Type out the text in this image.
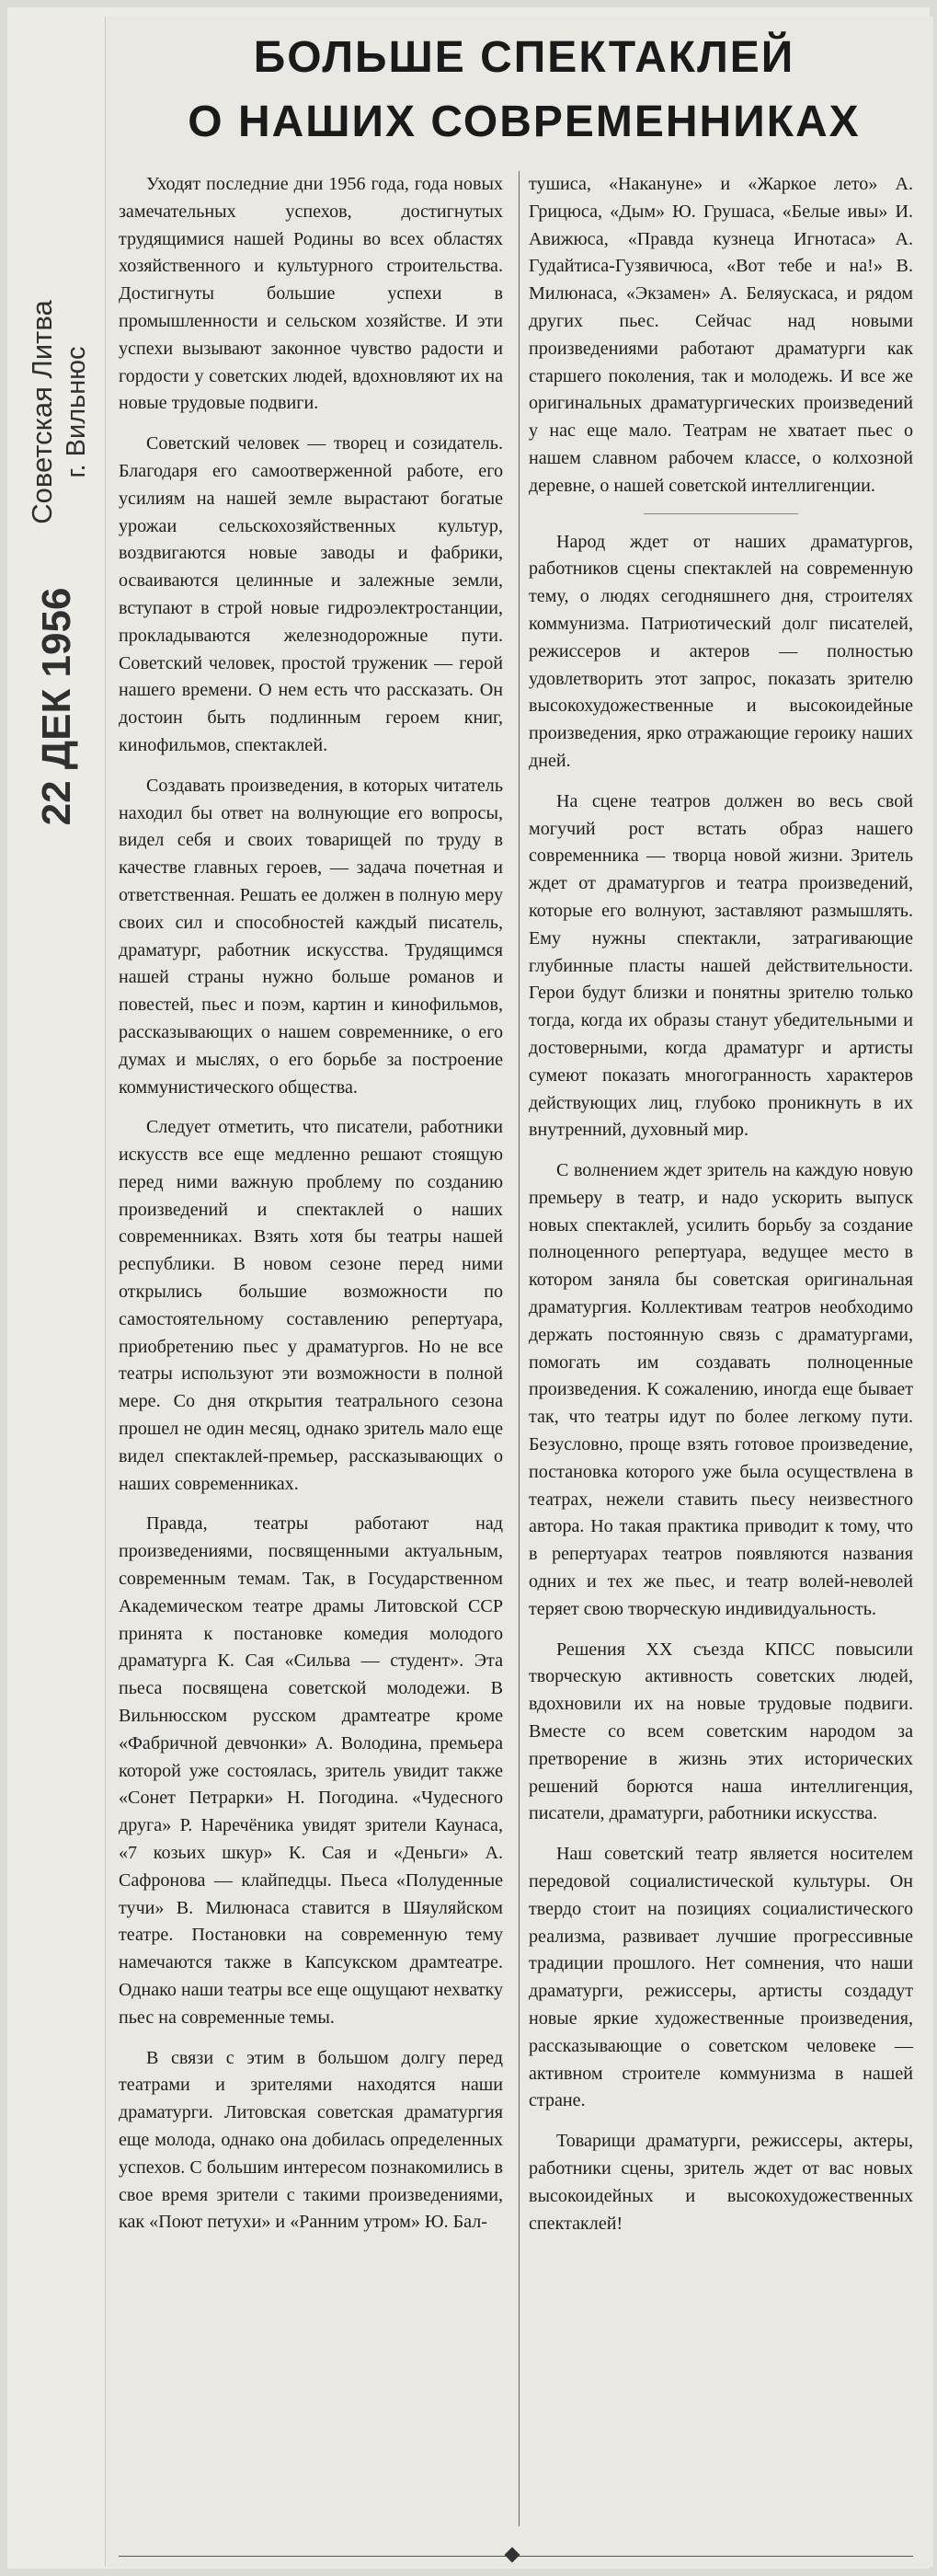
Советская Литва г. Вильнюс
22 ДЕК 1956
БОЛЬШЕ СПЕКТАКЛЕЙ
О НАШИХ СОВРЕМЕННИКАХ

Уходят последние дни 1956 года, года новых замечательных успехов, достигнутых трудящимися нашей Родины во всех областях хозяйственного и культурного строительства. Достигнуты большие успехи в промышленности и сельском хозяйстве. И эти успехи вызывают законное чувство радости и гордости у советских людей, вдохновляют их на новые трудовые подвиги.

Советский человек — творец и созидатель. Благодаря его самоотверженной работе, его усилиям на нашей земле вырастают богатые урожаи сельскохозяйственных культур, воздвигаются новые заводы и фабрики, осваиваются целинные и залежные земли, вступают в строй новые гидроэлектростанции, прокладываются железнодорожные пути. Советский человек, простой труженик — герой нашего времени. О нем есть что рассказать. Он достоин быть подлинным героем книг, кинофильмов, спектаклей.

Создавать произведения, в которых читатель находил бы ответ на волнующие его вопросы, видел себя и своих товарищей по труду в качестве главных героев, — задача почетная и ответственная. Решать ее должен в полную меру своих сил и способностей каждый писатель, драматург, работник искусства. Трудящимся нашей страны нужно больше романов и повестей, пьес и поэм, картин и кинофильмов, рассказывающих о нашем современнике, о его думах и мыслях, о его борьбе за построение коммунистического общества.

Следует отметить, что писатели, работники искусств все еще медленно решают стоящую перед ними важную проблему по созданию произведений и спектаклей о наших современниках. Взять хотя бы театры нашей республики. В новом сезоне перед ними открылись большие возможности по самостоятельному составлению репертуара, приобретению пьес у драматургов. Но не все театры используют эти возможности в полной мере. Со дня открытия театрального сезона прошел не один месяц, однако зритель мало еще видел спектаклей-премьер, рассказывающих о наших современниках.

Правда, театры работают над произведениями, посвященными актуальным, современным темам. Так, в Государственном Академическом театре драмы Литовской ССР принята к постановке комедия молодого драматурга К. Сая «Сильва — студент». Эта пьеса посвящена советской молодежи. В Вильнюсском русском драмтеатре кроме «Фабричной девчонки» А. Володина, премьера которой уже состоялась, зритель увидит также «Сонет Петрарки» Н. Погодина. «Чудесного друга» Р. Наречёника увидят зрители Каунаса, «7 козьих шкур» К. Сая и «Деньги» А. Сафронова — клайпедцы. Пьеса «Полуденные тучи» В. Милюнаса ставится в Шяуляйском театре. Постановки на современную тему намечаются также в Капсукском драмтеатре. Однако наши театры все еще ощущают нехватку пьес на современные темы.

В связи с этим в большом долгу перед театрами и зрителями находятся наши драматурги. Литовская советская драматургия еще молода, однако она добилась определенных успехов. С большим интересом познакомились в свое время зрители с такими произведениями, как «Поют петухи» и «Ранним утром» Ю. Бал-

тушиса, «Накануне» и «Жаркое лето» А. Грицюса, «Дым» Ю. Грушаса, «Белые ивы» И. Авижюса, «Правда кузнеца Игнотаса» А. Гудайтиса-Гузявичюса, «Вот тебе и на!» В. Милюнаса, «Экзамен» А. Беляускаса, и рядом других пьес. Сейчас над новыми произведениями работают драматурги как старшего поколения, так и молодежь. И все же оригинальных драматургических произведений у нас еще мало. Театрам не хватает пьес о нашем славном рабочем классе, о колхозной деревне, о нашей советской интеллигенции.

Народ ждет от наших драматургов, работников сцены спектаклей на современную тему, о людях сегодняшнего дня, строителях коммунизма. Патриотический долг писателей, режиссеров и актеров — полностью удовлетворить этот запрос, показать зрителю высокохудожественные и высокоидейные произведения, ярко отражающие героику наших дней.

На сцене театров должен во весь свой могучий рост встать образ нашего современника — творца новой жизни. Зритель ждет от драматургов и театра произведений, которые его волнуют, заставляют размышлять. Ему нужны спектакли, затрагивающие глубинные пласты нашей действительности. Герои будут близки и понятны зрителю только тогда, когда их образы станут убедительными и достоверными, когда драматург и артисты сумеют показать многогранность характеров действующих лиц, глубоко проникнуть в их внутренний, духовный мир.

С волнением ждет зритель на каждую новую премьеру в театр, и надо ускорить выпуск новых спектаклей, усилить борьбу за создание полноценного репертуара, ведущее место в котором заняла бы советская оригинальная драматургия. Коллективам театров необходимо держать постоянную связь с драматургами, помогать им создавать полноценные произведения. К сожалению, иногда еще бывает так, что театры идут по более легкому пути. Безусловно, проще взять готовое произведение, постановка которого уже была осуществлена в театрах, нежели ставить пьесу неизвестного автора. Но такая практика приводит к тому, что в репертуарах театров появляются названия одних и тех же пьес, и театр волей-неволей теряет свою творческую индивидуальность.

Решения XX съезда КПСС повысили творческую активность советских людей, вдохновили их на новые трудовые подвиги. Вместе со всем советским народом за претворение в жизнь этих исторических решений борются наша интеллигенция, писатели, драматурги, работники искусства.

Наш советский театр является носителем передовой социалистической культуры. Он твердо стоит на позициях социалистического реализма, развивает лучшие прогрессивные традиции прошлого. Нет сомнения, что наши драматурги, режиссеры, артисты создадут новые яркие художественные произведения, рассказывающие о советском человеке — активном строителе коммунизма в нашей стране.

Товарищи драматурги, режиссеры, актеры, работники сцены, зритель ждет от вас новых высокоидейных и высокохудожественных спектаклей!
